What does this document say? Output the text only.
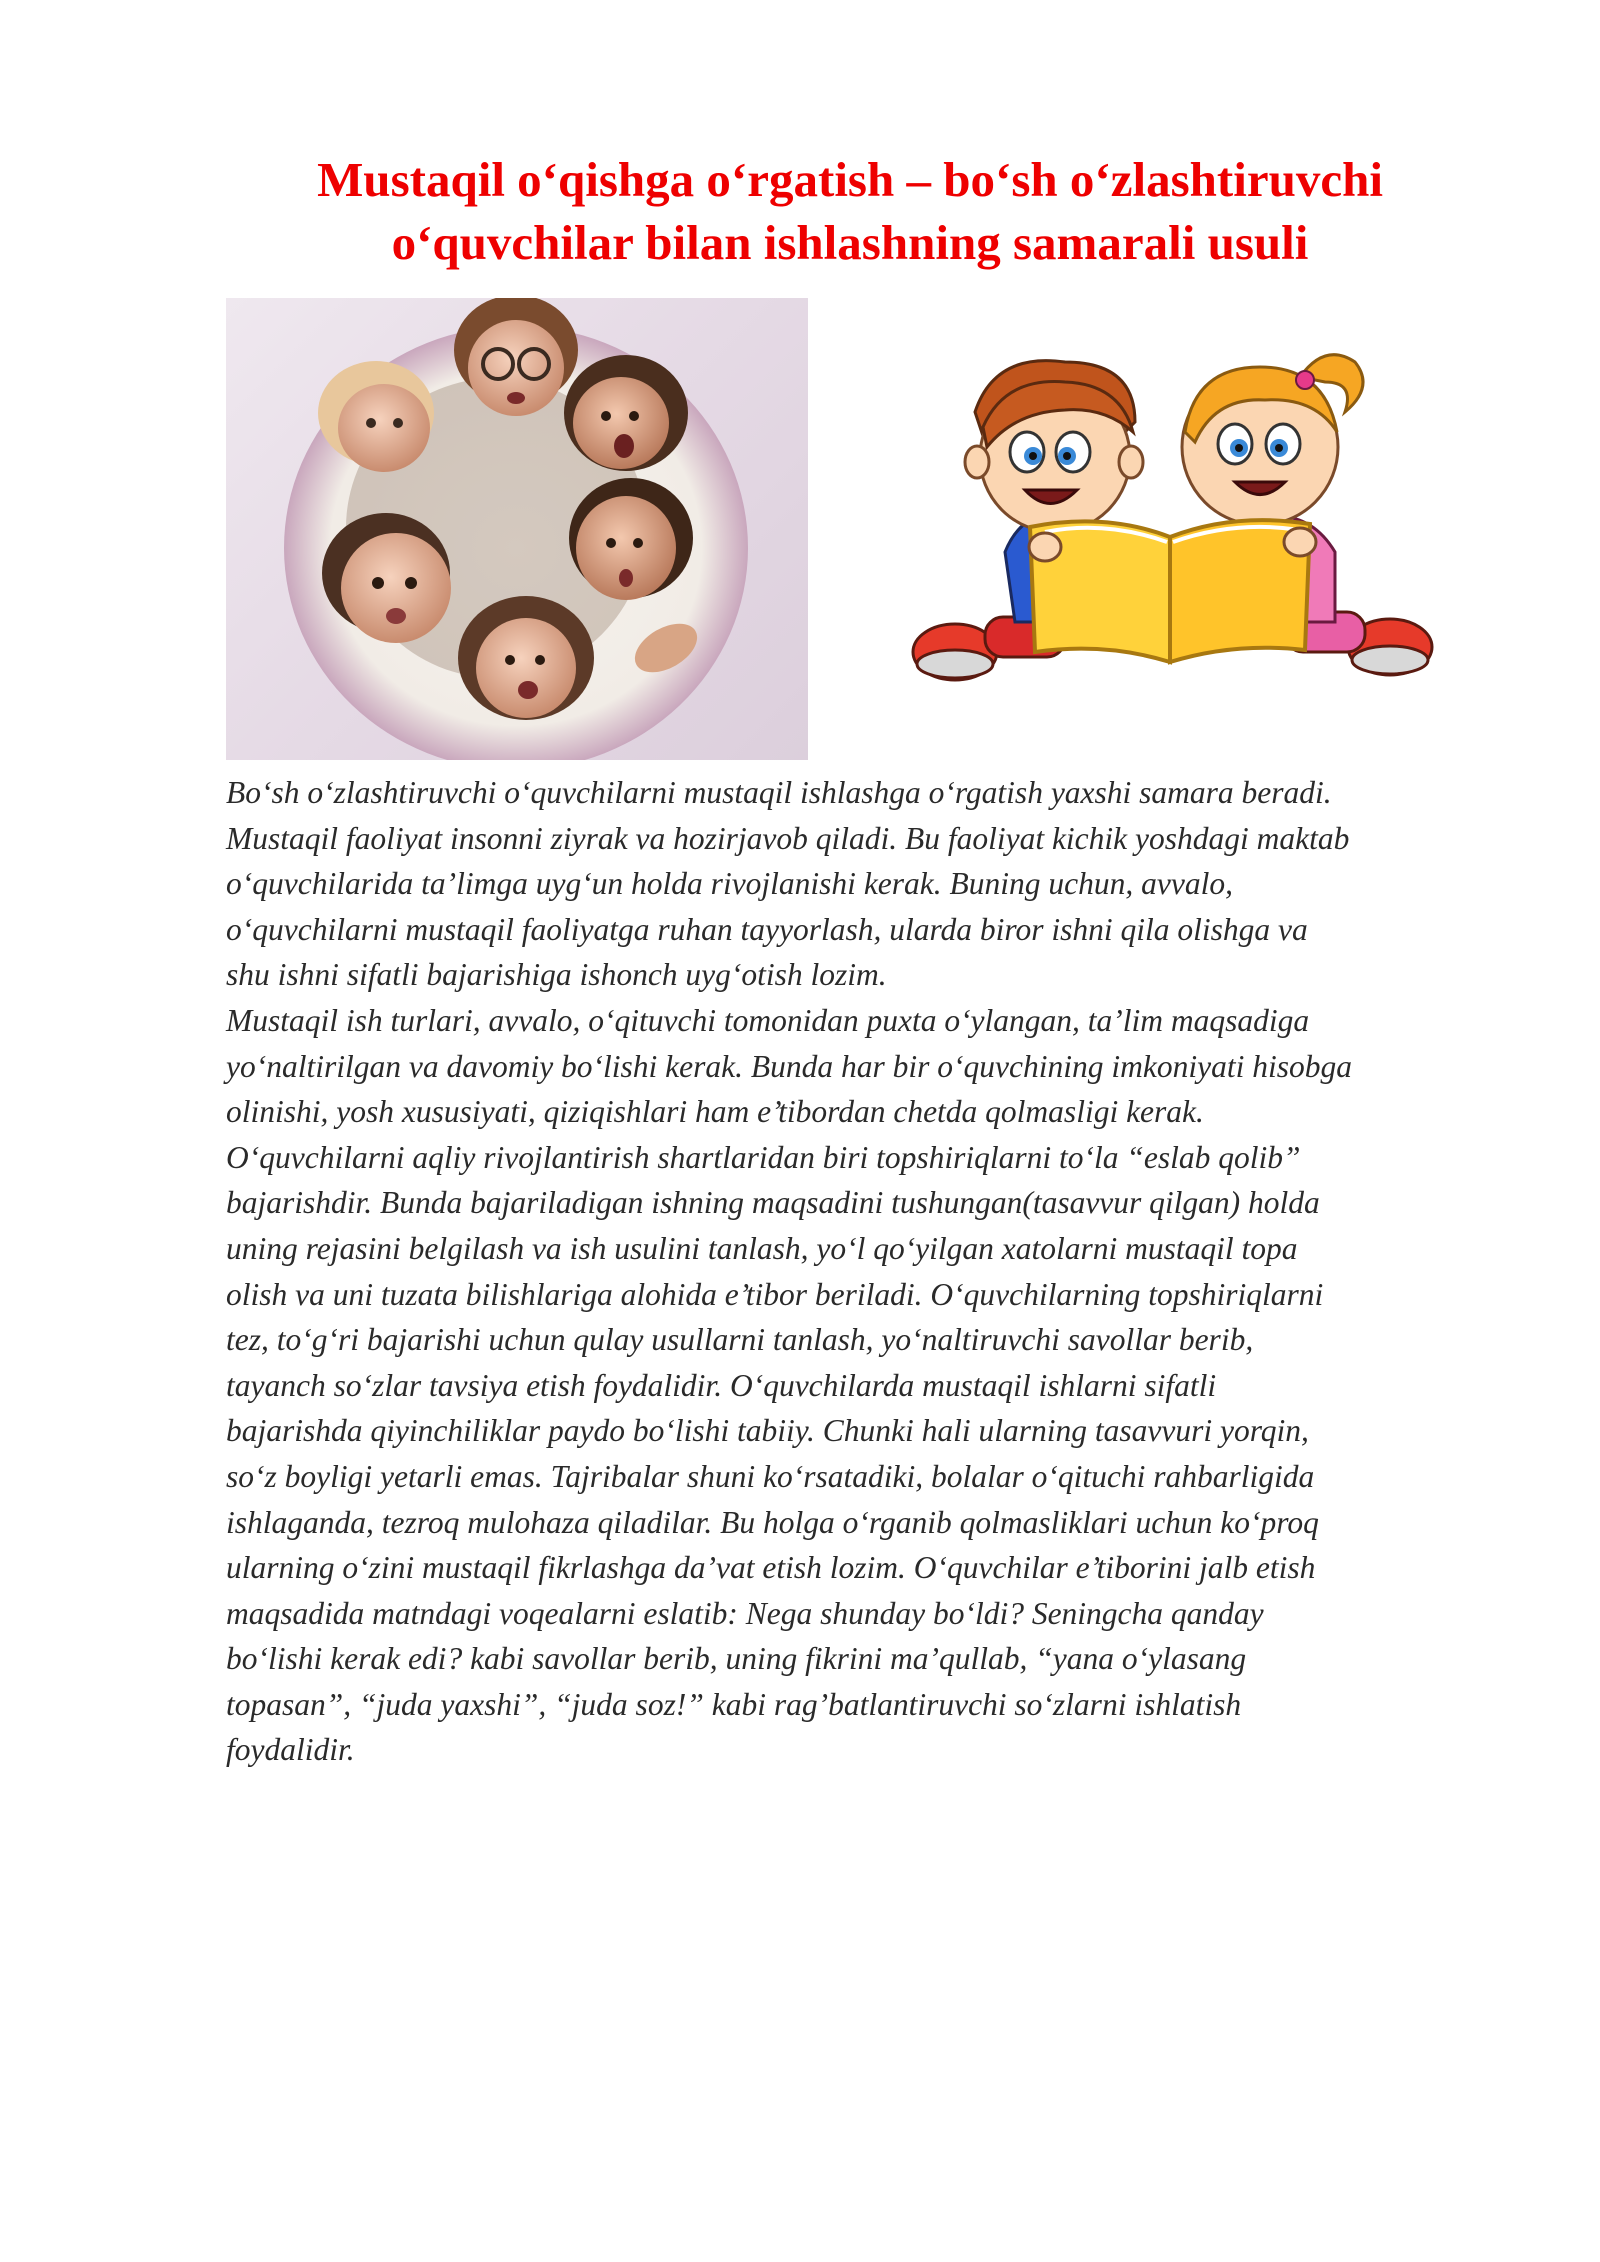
Mustaqil o‘qishga o‘rgatish – bo‘sh o‘zlashtiruvchi
o‘quvchilar bilan ishlashning samarali usuli
Bo‘sh o‘zlashtiruvchi o‘quvchilarni mustaqil ishlashga o‘rgatish yaxshi samara beradi.
Mustaqil faoliyat insonni ziyrak va hozirjavob qiladi. Bu faoliyat kichik yoshdagi maktab
o‘quvchilarida ta’limga uyg‘un holda rivojlanishi kerak. Buning uchun, avvalo,
o‘quvchilarni mustaqil faoliyatga ruhan tayyorlash, ularda biror ishni qila olishga va
shu ishni sifatli bajarishiga ishonch uyg‘otish lozim.
Mustaqil ish turlari, avvalo, o‘qituvchi tomonidan puxta o‘ylangan, ta’lim maqsadiga
yo‘naltirilgan va davomiy bo‘lishi kerak. Bunda har bir o‘quvchining imkoniyati hisobga
olinishi, yosh xususiyati, qiziqishlari ham e’tibordan chetda qolmasligi kerak.
O‘quvchilarni aqliy rivojlantirish shartlaridan biri topshiriqlarni to‘la “eslab qolib”
bajarishdir. Bunda bajariladigan ishning maqsadini tushungan(tasavvur qilgan) holda
uning rejasini belgilash va ish usulini tanlash, yo‘l qo‘yilgan xatolarni mustaqil topa
olish va uni tuzata bilishlariga alohida e’tibor beriladi. O‘quvchilarning topshiriqlarni
tez, to‘g‘ri bajarishi uchun qulay usullarni tanlash, yo‘naltiruvchi savollar berib,
tayanch so‘zlar tavsiya etish foydalidir. O‘quvchilarda mustaqil ishlarni sifatli
bajarishda qiyinchiliklar paydo bo‘lishi tabiiy. Chunki hali ularning tasavvuri yorqin,
so‘z boyligi yetarli emas. Tajribalar shuni ko‘rsatadiki, bolalar o‘qituchi rahbarligida
ishlaganda, tezroq mulohaza qiladilar. Bu holga o‘rganib qolmasliklari uchun ko‘proq
ularning o‘zini mustaqil fikrlashga da’vat etish lozim. O‘quvchilar e’tiborini jalb etish
maqsadida matndagi voqealarni eslatib: Nega shunday bo‘ldi? Seningcha qanday
bo‘lishi kerak edi? kabi savollar berib, uning fikrini ma’qullab, “yana o‘ylasang
topasan”, “juda yaxshi”, “juda soz!” kabi rag’batlantiruvchi so‘zlarni ishlatish
foydalidir.
